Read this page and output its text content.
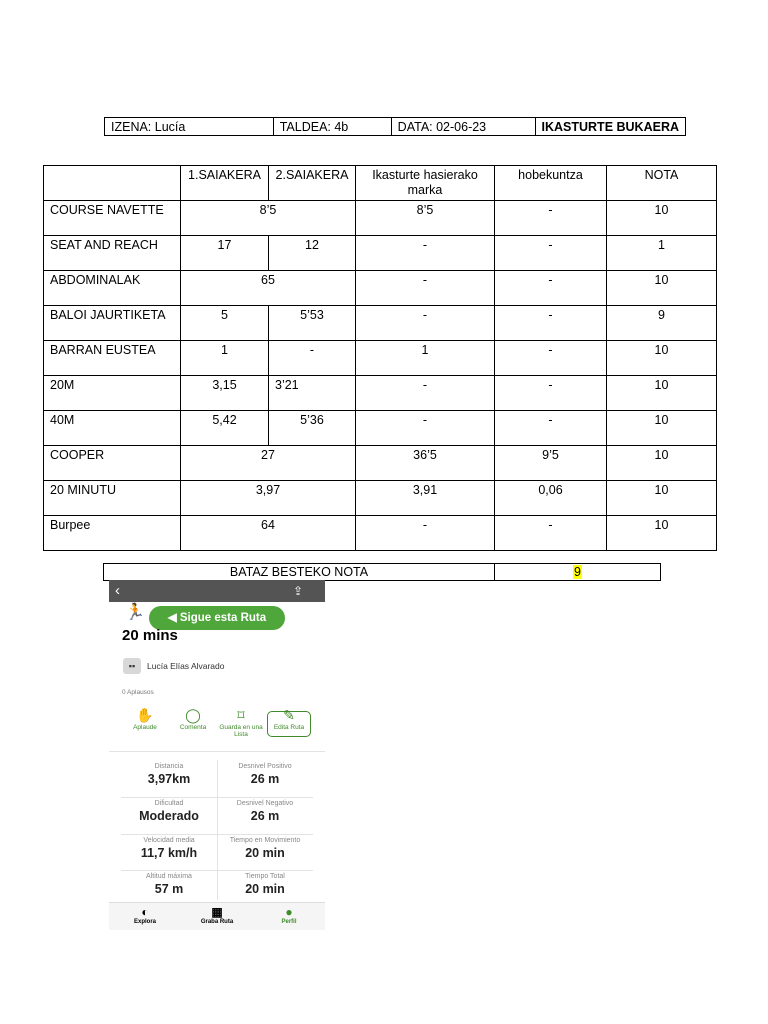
IZENA: Lucía	TALDEA: 4b	DATA: 02-06-23	IKASTURTE BUKAERA
	1.SAIAKERA	2.SAIAKERA	Ikasturte hasierako marka	hobekuntza	NOTA
COURSE NAVETTE	8’5		8’5	-	10
SEAT AND REACH	17	12	-	-	1
ABDOMINALAK	65		-	-	10
BALOI JAURTIKETA	5	5’53	-	-	9
BARRAN EUSTEA	1	-	1	-	10
20M	3,15	3’21	-	-	10
40M	5,42	5’36	-	-	10
COOPER	27		36’5	9’5	10
20 MINUTU	3,97		3,91	0,06	10
Burpee	64		-	-	10
BATAZ BESTEKO NOTA	9
‹	⇪
🏃	◀ Sigue esta Ruta
20 mins
▪▪	Lucía Elías Alvarado
0 Aplausos
✋
Aplaude
◯
Comenta
⌑
Guarda en una Lista
✎
Edita Ruta
Distancia
3,97km
Desnivel Positivo
26 m
Dificultad
Moderado
Desnivel Negativo
26 m
Velocidad media
11,7 km/h
Tiempo en Movimiento
20 min
Altitud máxima
57 m
Tiempo Total
20 min
◐
Explora
▦
Graba Ruta
●
Perfil
